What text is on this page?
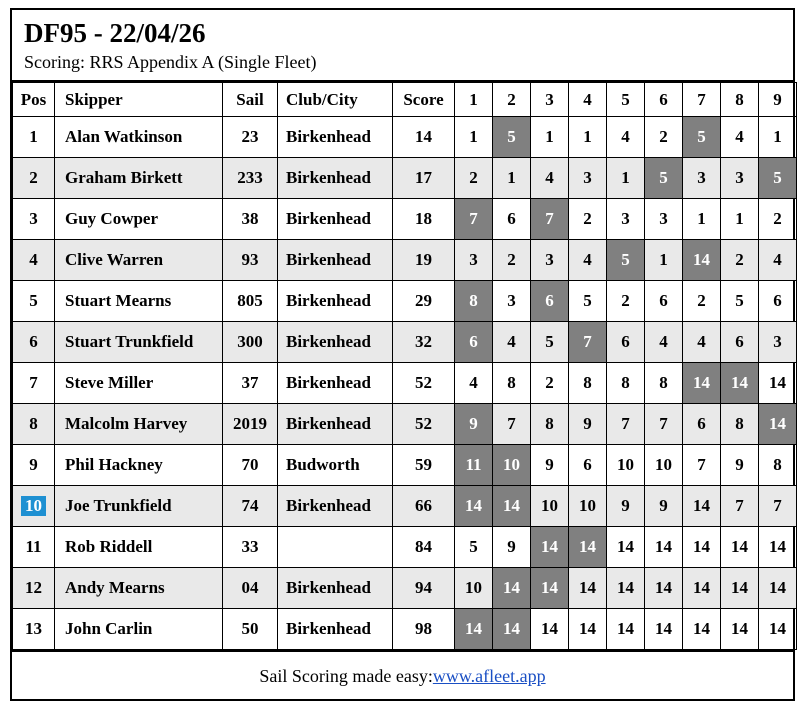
DF95 - 22/04/26
Scoring: RRS Appendix A (Single Fleet)
Pos	Skipper	Sail	Club/City	Score	1	2	3	4	5	6	7	8	9
1	Alan Watkinson	23	Birkenhead	14	1	5	1	1	4	2	5	4	1
2	Graham Birkett	233	Birkenhead	17	2	1	4	3	1	5	3	3	5
3	Guy Cowper	38	Birkenhead	18	7	6	7	2	3	3	1	1	2
4	Clive Warren	93	Birkenhead	19	3	2	3	4	5	1	14	2	4
5	Stuart Mearns	805	Birkenhead	29	8	3	6	5	2	6	2	5	6
6	Stuart Trunkfield	300	Birkenhead	32	6	4	5	7	6	4	4	6	3
7	Steve Miller	37	Birkenhead	52	4	8	2	8	8	8	14	14	14
8	Malcolm Harvey	2019	Birkenhead	52	9	7	8	9	7	7	6	8	14
9	Phil Hackney	70	Budworth	59	11	10	9	6	10	10	7	9	8
10	Joe Trunkfield	74	Birkenhead	66	14	14	10	10	9	9	14	7	7
11	Rob Riddell	33		84	5	9	14	14	14	14	14	14	14
12	Andy Mearns	04	Birkenhead	94	10	14	14	14	14	14	14	14	14
13	John Carlin	50	Birkenhead	98	14	14	14	14	14	14	14	14	14
Sail Scoring made easy: www.afleet.app
